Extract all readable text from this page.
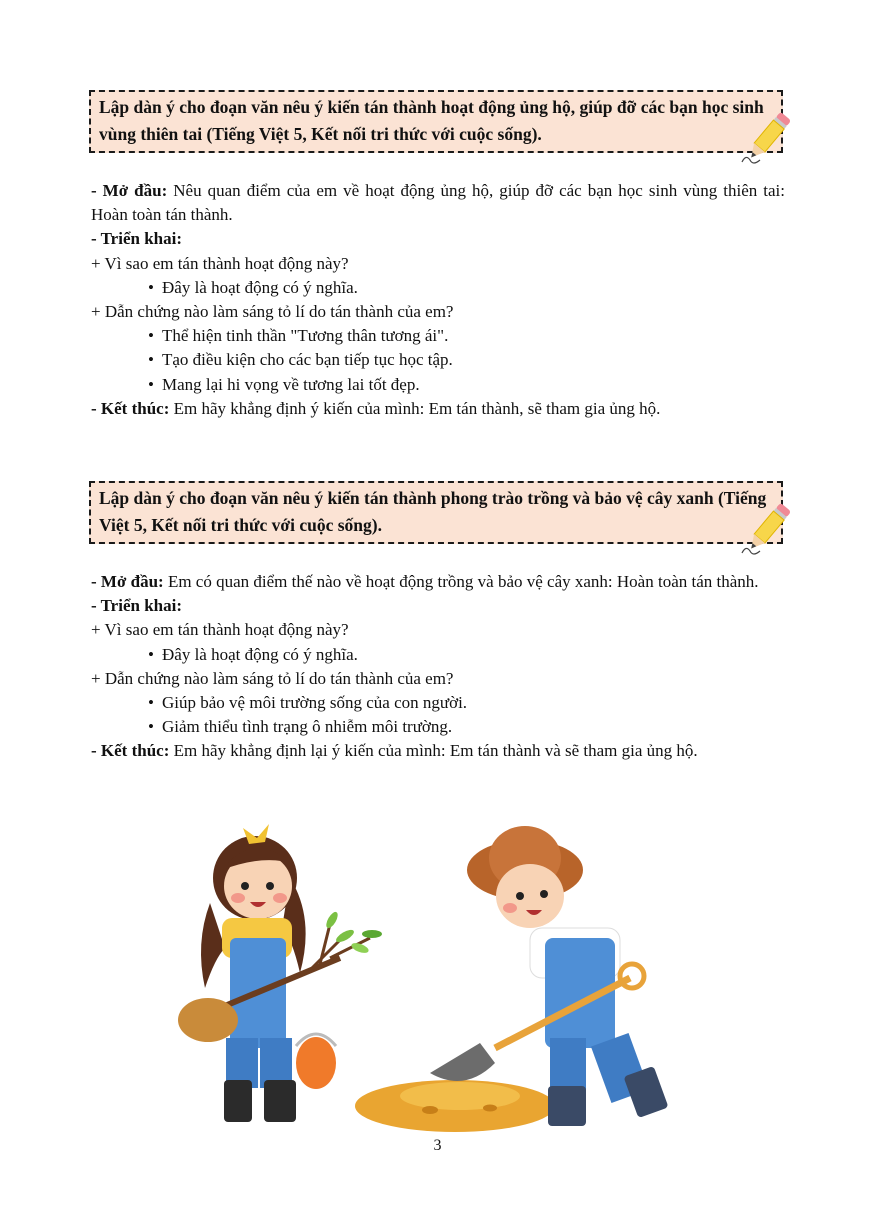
Lập dàn ý cho đoạn văn nêu ý kiến tán thành hoạt động ủng hộ, giúp đỡ các bạn học sinh vùng thiên tai (Tiếng Việt 5, Kết nối tri thức với cuộc sống).

- Mở đầu: Nêu quan điểm của em về hoạt động ủng hộ, giúp đỡ các bạn học sinh vùng thiên tai: Hoàn toàn tán thành.

- Triển khai:

+ Vì sao em tán thành hoạt động này?

• Đây là hoạt động có ý nghĩa.

+ Dẫn chứng nào làm sáng tỏ lí do tán thành của em?

• Thể hiện tinh thần "Tương thân tương ái".

• Tạo điều kiện cho các bạn tiếp tục học tập.

• Mang lại hi vọng về tương lai tốt đẹp.

- Kết thúc: Em hãy khẳng định ý kiến của mình: Em tán thành, sẽ tham gia ủng hộ.

Lập dàn ý cho đoạn văn nêu ý kiến tán thành phong trào trồng và bảo vệ cây xanh (Tiếng Việt 5, Kết nối tri thức với cuộc sống).

- Mở đầu: Em có quan điểm thế nào về hoạt động trồng và bảo vệ cây xanh: Hoàn toàn tán thành.

- Triển khai:

+ Vì sao em tán thành hoạt động này?

• Đây là hoạt động có ý nghĩa.

+ Dẫn chứng nào làm sáng tỏ lí do tán thành của em?

• Giúp bảo vệ môi trường sống của con người.

• Giảm thiểu tình trạng ô nhiễm môi trường.

- Kết thúc: Em hãy khẳng định lại ý kiến của mình: Em tán thành và sẽ tham gia ủng hộ.

3
